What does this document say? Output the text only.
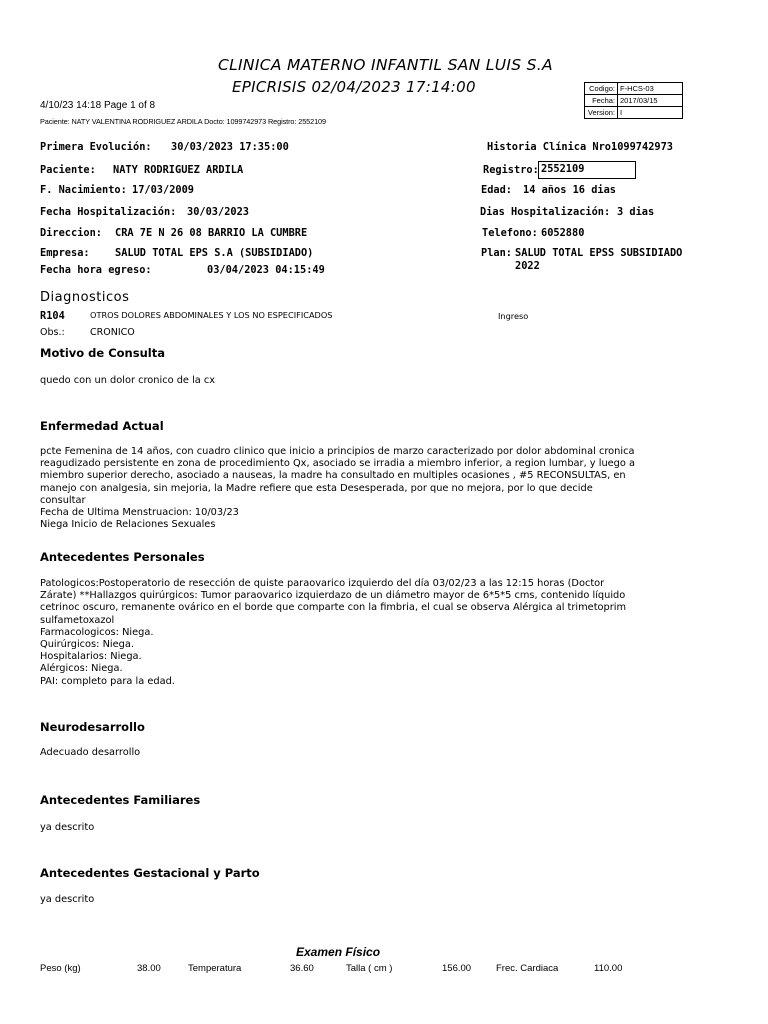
CLINICA MATERNO INFANTIL SAN LUIS S.A
EPICRISIS 02/04/2023 17:14:00
4/10/23 14:18 Page 1 of 8
Paciente: NATY VALENTINA RODRIGUEZ ARDILA Docto: 1099742973 Registro: 2552109
Codigo:	F-HCS-03
Fecha:	2017/03/15
Version:	I
Primera Evolución: 30/03/2023 17:35:00	Historia Clínica Nro:
1099742973
Paciente: NATY RODRIGUEZ ARDILA	Registro: 2552109
F. Nacimiento: 17/03/2009	Edad: 14 años 16 dias
Fecha Hospitalización: 30/03/2023	Dias Hospitalización: 3 dias
Direccion: CRA 7E N 26 08 BARRIO LA CUMBRE	Telefono: 6052880
Empresa: SALUD TOTAL EPS S.A (SUBSIDIADO)	Plan: SALUD TOTAL EPSS SUBSIDIADO
2022
Fecha hora egreso:	03/04/2023 04:15:49
Diagnosticos
R104	OTROS DOLORES ABDOMINALES Y LOS NO ESPECIFICADOS	Ingreso
Obs.:	CRONICO
Motivo de Consulta
quedo con un dolor cronico de la cx
Enfermedad Actual
pcte Femenina de 14 años, con cuadro clinico que inicio a principios de marzo caracterizado por dolor abdominal cronica
reagudizado persistente en zona de procedimiento Qx, asociado se irradia a miembro inferior, a region lumbar, y luego a
miembro superior derecho, asociado a nauseas, la madre ha consultado en multiples ocasiones , #5 RECONSULTAS, en
manejo con analgesia, sin mejoria, la Madre refiere que esta Desesperada, por que no mejora, por lo que decide
consultar
Fecha de Ultima Menstruacion: 10/03/23
Niega Inicio de Relaciones Sexuales
Antecedentes Personales
Patologicos:Postoperatorio de resección de quiste paraovarico izquierdo del día 03/02/23 a las 12:15 horas (Doctor
Zárate) **Hallazgos quirúrgicos: Tumor paraovarico izquierdazo de un diámetro mayor de 6*5*5 cms, contenido líquido
cetrinoc oscuro, remanente ovárico en el borde que comparte con la fimbria, el cual se observa Alérgica al trimetoprim
sulfametoxazol
Farmacologicos: Niega.
Quirúrgicos: Niega.
Hospitalarios: Niega.
Alérgicos: Niega.
PAI: completo para la edad.
Neurodesarrollo
Adecuado desarrollo
Antecedentes Familiares
ya descrito
Antecedentes Gestacional y Parto
ya descrito
Examen Físico
Peso (kg)	38.00	Temperatura	36.60	Talla ( cm )	156.00	Frec. Cardiaca	110.00
